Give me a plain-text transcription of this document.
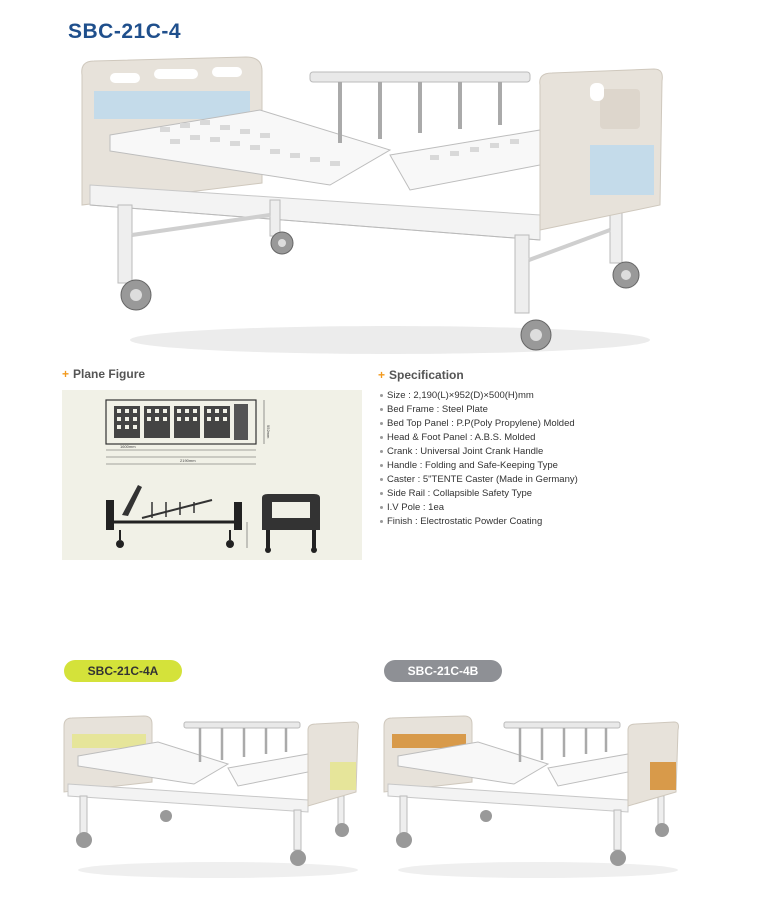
SBC-21C-4
+ Plane Figure
1600mm
2190mm
952mm
+ Specification
Size : 2,190(L)×952(D)×500(H)mm
Bed Frame : Steel Plate
Bed Top Panel : P.P(Poly Propylene) Molded
Head & Foot Panel : A.B.S. Molded
Crank : Universal Joint Crank Handle
Handle : Folding and Safe-Keeping Type
Caster : 5"TENTE Caster (Made in Germany)
Side Rail : Collapsible Safety Type
I.V Pole : 1ea
Finish : Electrostatic Powder Coating
SBC-21C-4A	SBC-21C-4B
